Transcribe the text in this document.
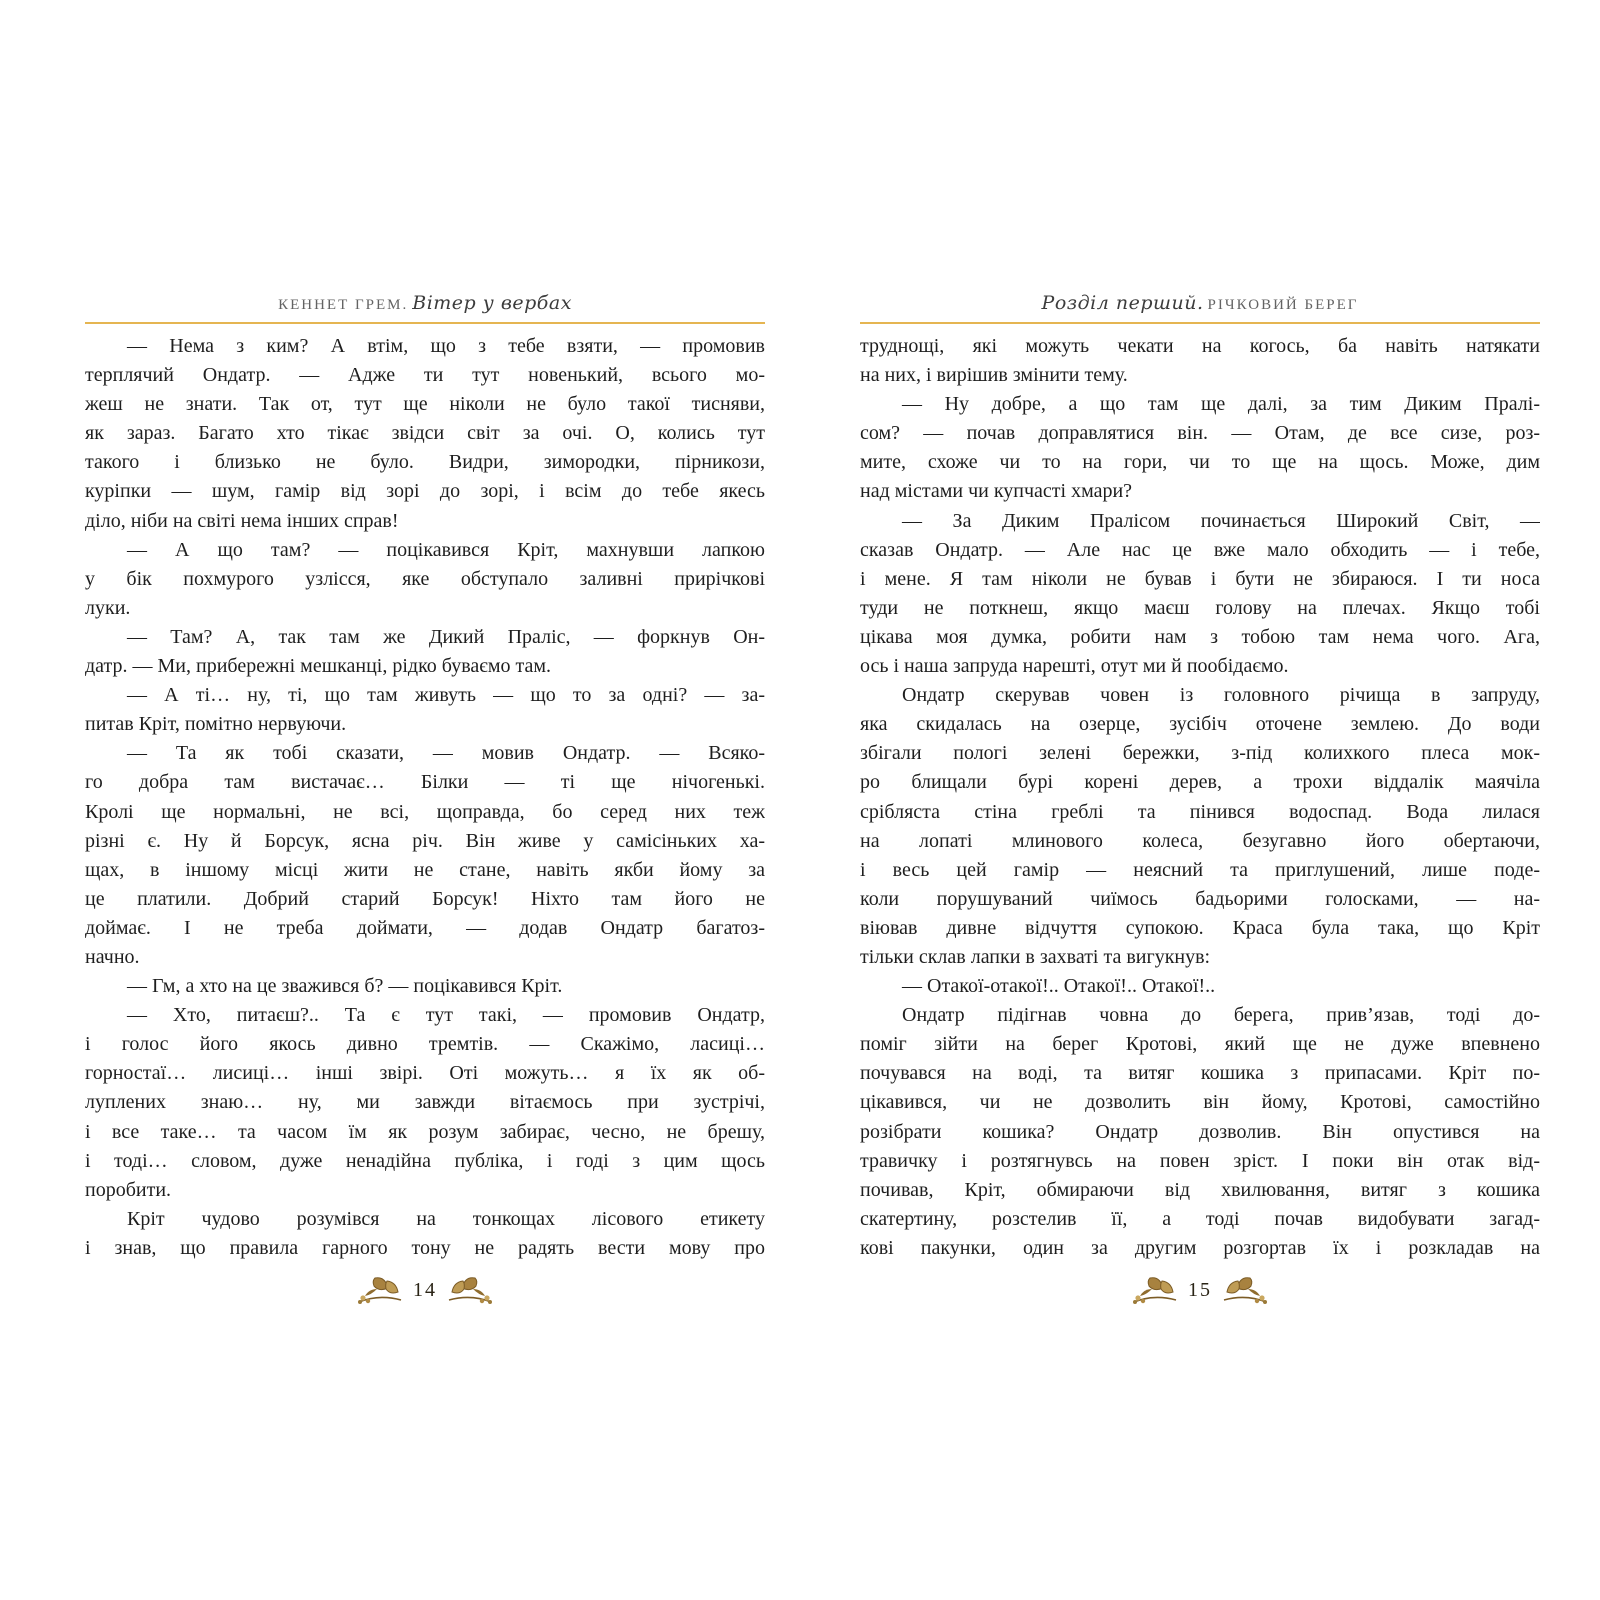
КЕННЕТ ГРЕМ. Вітер у вербах
— Нема з ким? А втім, що з тебе взяти, — промовив
терплячий Ондатр. — Адже ти тут новенький, всього мо-
жеш не знати. Так от, тут ще ніколи не було такої тисняви,
як зараз. Багато хто тікає звідси світ за очі. О, колись тут
такого і близько не було. Видри, зимородки, пірникози,
куріпки — шум, гамір від зорі до зорі, і всім до тебе якесь
діло, ніби на світі нема інших справ!
— А що там? — поцікавився Кріт, махнувши лапкою
у бік похмурого узлісся, яке обступало заливні прирічкові
луки.
— Там? А, так там же Дикий Праліс, — форкнув Он-
датр. — Ми, прибережні мешканці, рідко буваємо там.
— А ті… ну, ті, що там живуть — що то за одні? — за-
питав Кріт, помітно нервуючи.
— Та як тобі сказати, — мовив Ондатр. — Всяко-
го добра там вистачає… Білки — ті ще нічогенькі.
Кролі ще нормальні, не всі, щоправда, бо серед них теж
різні є. Ну й Борсук, ясна річ. Він живе у самісіньких ха-
щах, в іншому місці жити не стане, навіть якби йому за
це платили. Добрий старий Борсук! Ніхто там його не
доймає. І не треба доймати, — додав Ондатр багатоз-
начно.
— Гм, а хто на це зважився б? — поцікавився Кріт.
— Хто, питаєш?.. Та є тут такі, — промовив Ондатр,
і голос його якось дивно тремтів. — Скажімо, ласиці…
горностаї… лисиці… інші звірі. Оті можуть… я їх як об-
луплених знаю… ну, ми завжди вітаємось при зустрічі,
і все таке… та часом їм як розум забирає, чесно, не брешу,
і тоді… словом, дуже ненадійна публіка, і годі з цим щось
поробити.
Кріт чудово розумівся на тонкощах лісового етикету
і знав, що правила гарного тону не радять вести мову про
14
Розділ перший. РІЧКОВИЙ БЕРЕГ
труднощі, які можуть чекати на когось, ба навіть натякати
на них, і вирішив змінити тему.
— Ну добре, а що там ще далі, за тим Диким Пралі-
сом? — почав доправлятися він. — Отам, де все сизе, роз-
мите, схоже чи то на гори, чи то ще на щось. Може, дим
над містами чи купчасті хмари?
— За Диким Пралісом починається Широкий Світ, —
сказав Ондатр. — Але нас це вже мало обходить — і тебе,
і мене. Я там ніколи не бував і бути не збираюся. І ти носа
туди не поткнеш, якщо маєш голову на плечах. Якщо тобі
цікава моя думка, робити нам з тобою там нема чого. Ага,
ось і наша запруда нарешті, отут ми й пообідаємо.
Ондатр скерував човен із головного річища в запруду,
яка скидалась на озерце, зусібіч оточене землею. До води
збігали пологі зелені бережки, з-під колихкого плеса мок-
ро блищали бурі корені дерев, а трохи віддалік маячіла
срібляста стіна греблі та пінився водоспад. Вода лилася
на лопаті млинового колеса, безугавно його обертаючи,
і весь цей гамір — неясний та приглушений, лише поде-
коли порушуваний чиїмось бадьорими голосками, — на-
віював дивне відчуття супокою. Краса була така, що Кріт
тільки склав лапки в захваті та вигукнув:
— Отакої-отакої!.. Отакої!.. Отакої!..
Ондатр підігнав човна до берега, прив’язав, тоді до-
поміг зійти на берег Кротові, який ще не дуже впевнено
почувався на воді, та витяг кошика з припасами. Кріт по-
цікавився, чи не дозволить він йому, Кротові, самостійно
розібрати кошика? Ондатр дозволив. Він опустився на
травичку і розтягнувсь на повен зріст. І поки він отак від-
почивав, Кріт, обмираючи від хвилювання, витяг з кошика
скатертину, розстелив її, а тоді почав видобувати загад-
кові пакунки, один за другим розгортав їх і розкладав на
15
